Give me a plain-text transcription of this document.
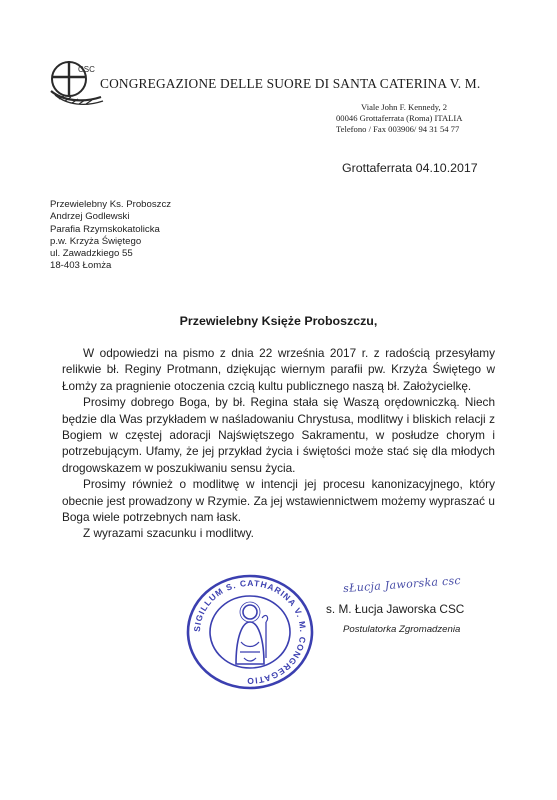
CSC
CONGREGAZIONE DELLE SUORE DI SANTA CATERINA V. M.
Viale John F. Kennedy, 2
00046 Grottaferrata (Roma) ITALIA
Telefono / Fax 003906/ 94 31 54 77
Grottaferrata 04.10.2017
Przewielebny Ks. Proboszcz
Andrzej Godlewski
Parafia Rzymskokatolicka
p.w. Krzyża Świętego
ul. Zawadzkiego 55
18-403 Łomża
Przewielebny Księże Proboszczu,

W odpowiedzi na pismo z dnia 22 września 2017 r. z radością przesyłamy relikwie bł. Reginy Protmann, dziękując wiernym parafii pw. Krzyża Świętego w Łomży za pragnienie otoczenia czcią kultu publicznego naszą bł. Założycielkę.

Prosimy dobrego Boga, by bł. Regina stała się Waszą orędowniczką. Niech będzie dla Was przykładem w naśladowaniu Chrystusa, modlitwy i bliskich relacji z Bogiem w częstej adoracji Najświętszego Sakramentu, w posłudze chorym i potrzebującym. Ufamy, że jej przykład życia i świętości może stać się dla młodych drogowskazem w poszukiwaniu sensu życia.

Prosimy również o modlitwę w intencji jej procesu kanonizacyjnego, który obecnie jest prowadzony w Rzymie. Za jej wstawiennictwem możemy wypraszać u Boga wiele potrzebnych nam łask.

Z wyrazami szacunku i modlitwy.

SIGILLUM S. CATHARINA V. M. CONGREGATIO
sŁucja Jaworska csc
s. M. Łucja Jaworska CSC
Postulatorka Zgromadzenia
